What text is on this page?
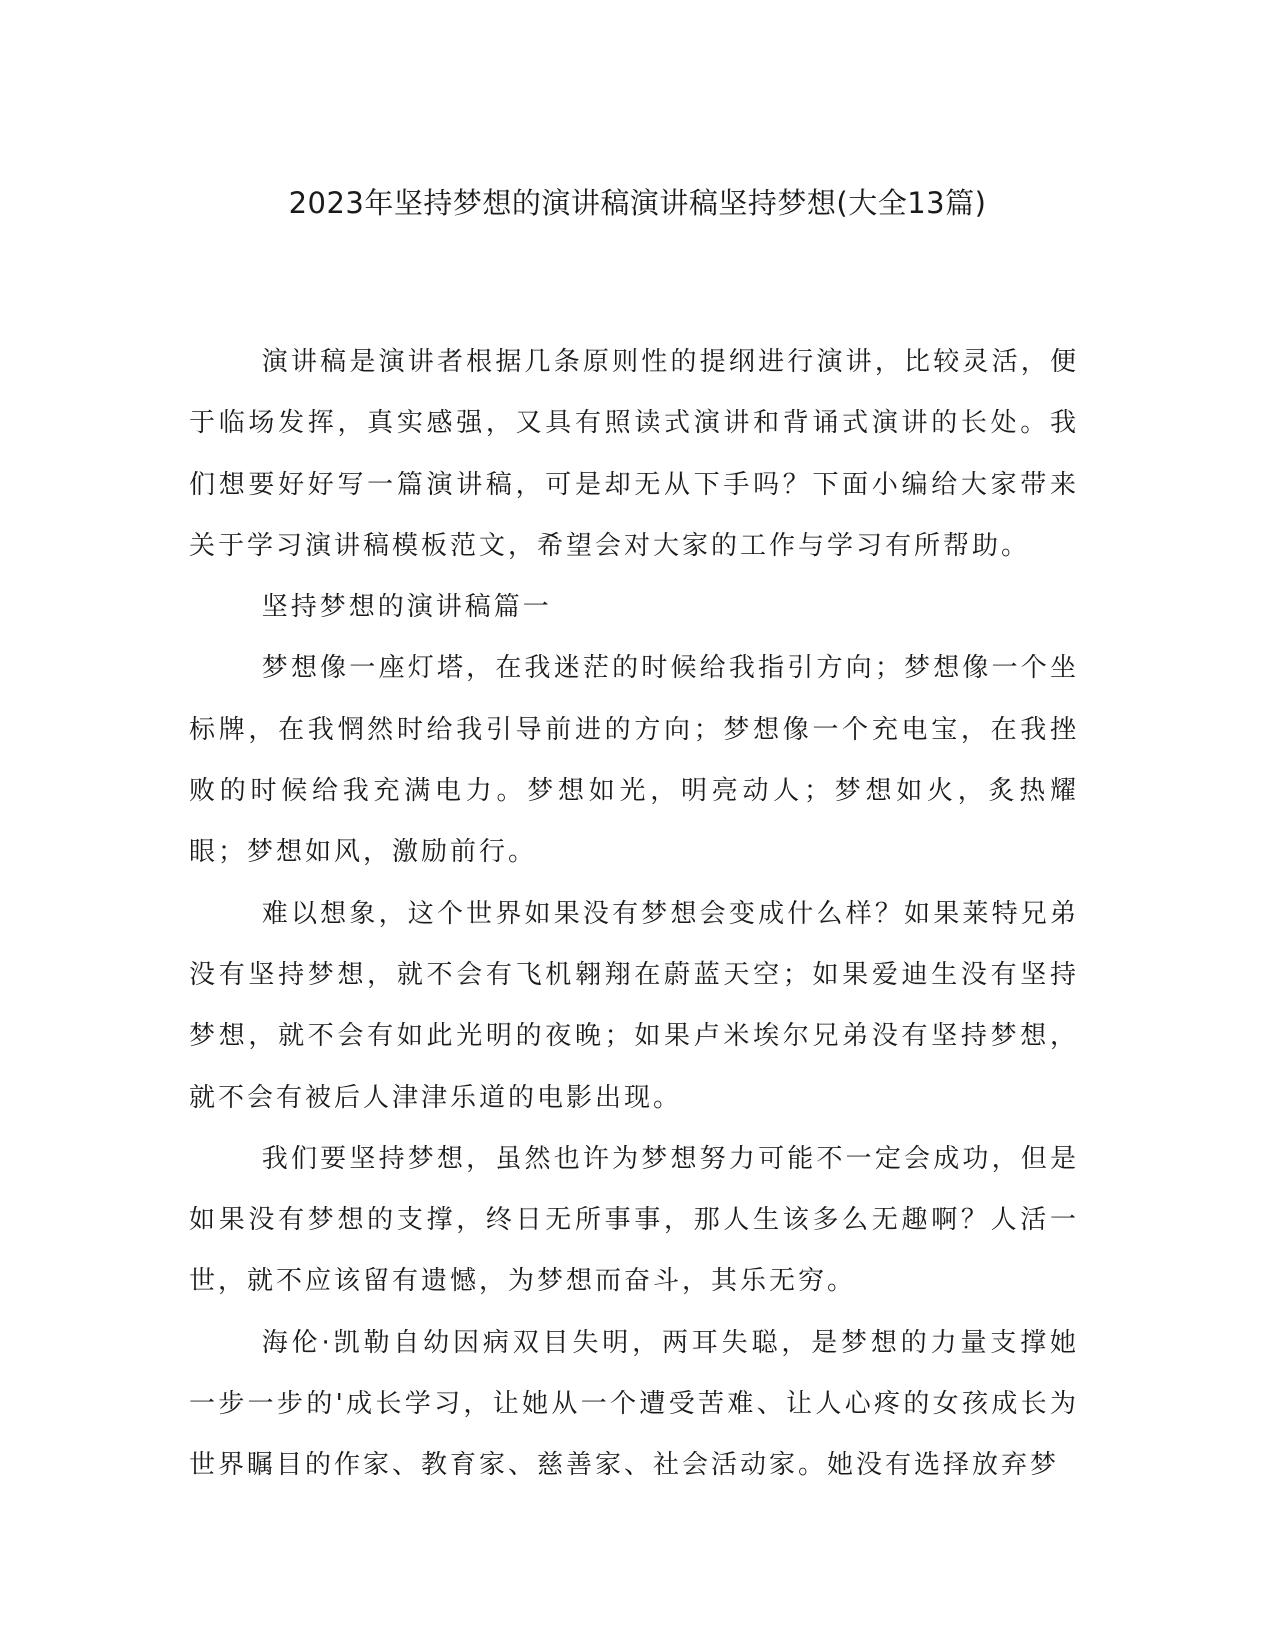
2023年坚持梦想的演讲稿演讲稿坚持梦想(大全13篇)

演讲稿是演讲者根据几条原则性的提纲进行演讲，比较灵活，便于临场发挥，真实感强，又具有照读式演讲和背诵式演讲的长处。我们想要好好写一篇演讲稿，可是却无从下手吗？下面小编给大家带来关于学习演讲稿模板范文，希望会对大家的工作与学习有所帮助。

坚持梦想的演讲稿篇一

梦想像一座灯塔，在我迷茫的时候给我指引方向；梦想像一个坐标牌，在我惘然时给我引导前进的方向；梦想像一个充电宝，在我挫败的时候给我充满电力。梦想如光，明亮动人；梦想如火，炙热耀眼；梦想如风，激励前行。

难以想象，这个世界如果没有梦想会变成什么样？如果莱特兄弟没有坚持梦想，就不会有飞机翱翔在蔚蓝天空；如果爱迪生没有坚持梦想，就不会有如此光明的夜晚；如果卢米埃尔兄弟没有坚持梦想，就不会有被后人津津乐道的电影出现。

我们要坚持梦想，虽然也许为梦想努力可能不一定会成功，但是如果没有梦想的支撑，终日无所事事，那人生该多么无趣啊？人活一世，就不应该留有遗憾，为梦想而奋斗，其乐无穷。

海伦·凯勒自幼因病双目失明，两耳失聪，是梦想的力量支撑她一步一步的'成长学习，让她从一个遭受苦难、让人心疼的女孩成长为世界瞩目的作家、教育家、慈善家、社会活动家。她没有选择放弃梦
